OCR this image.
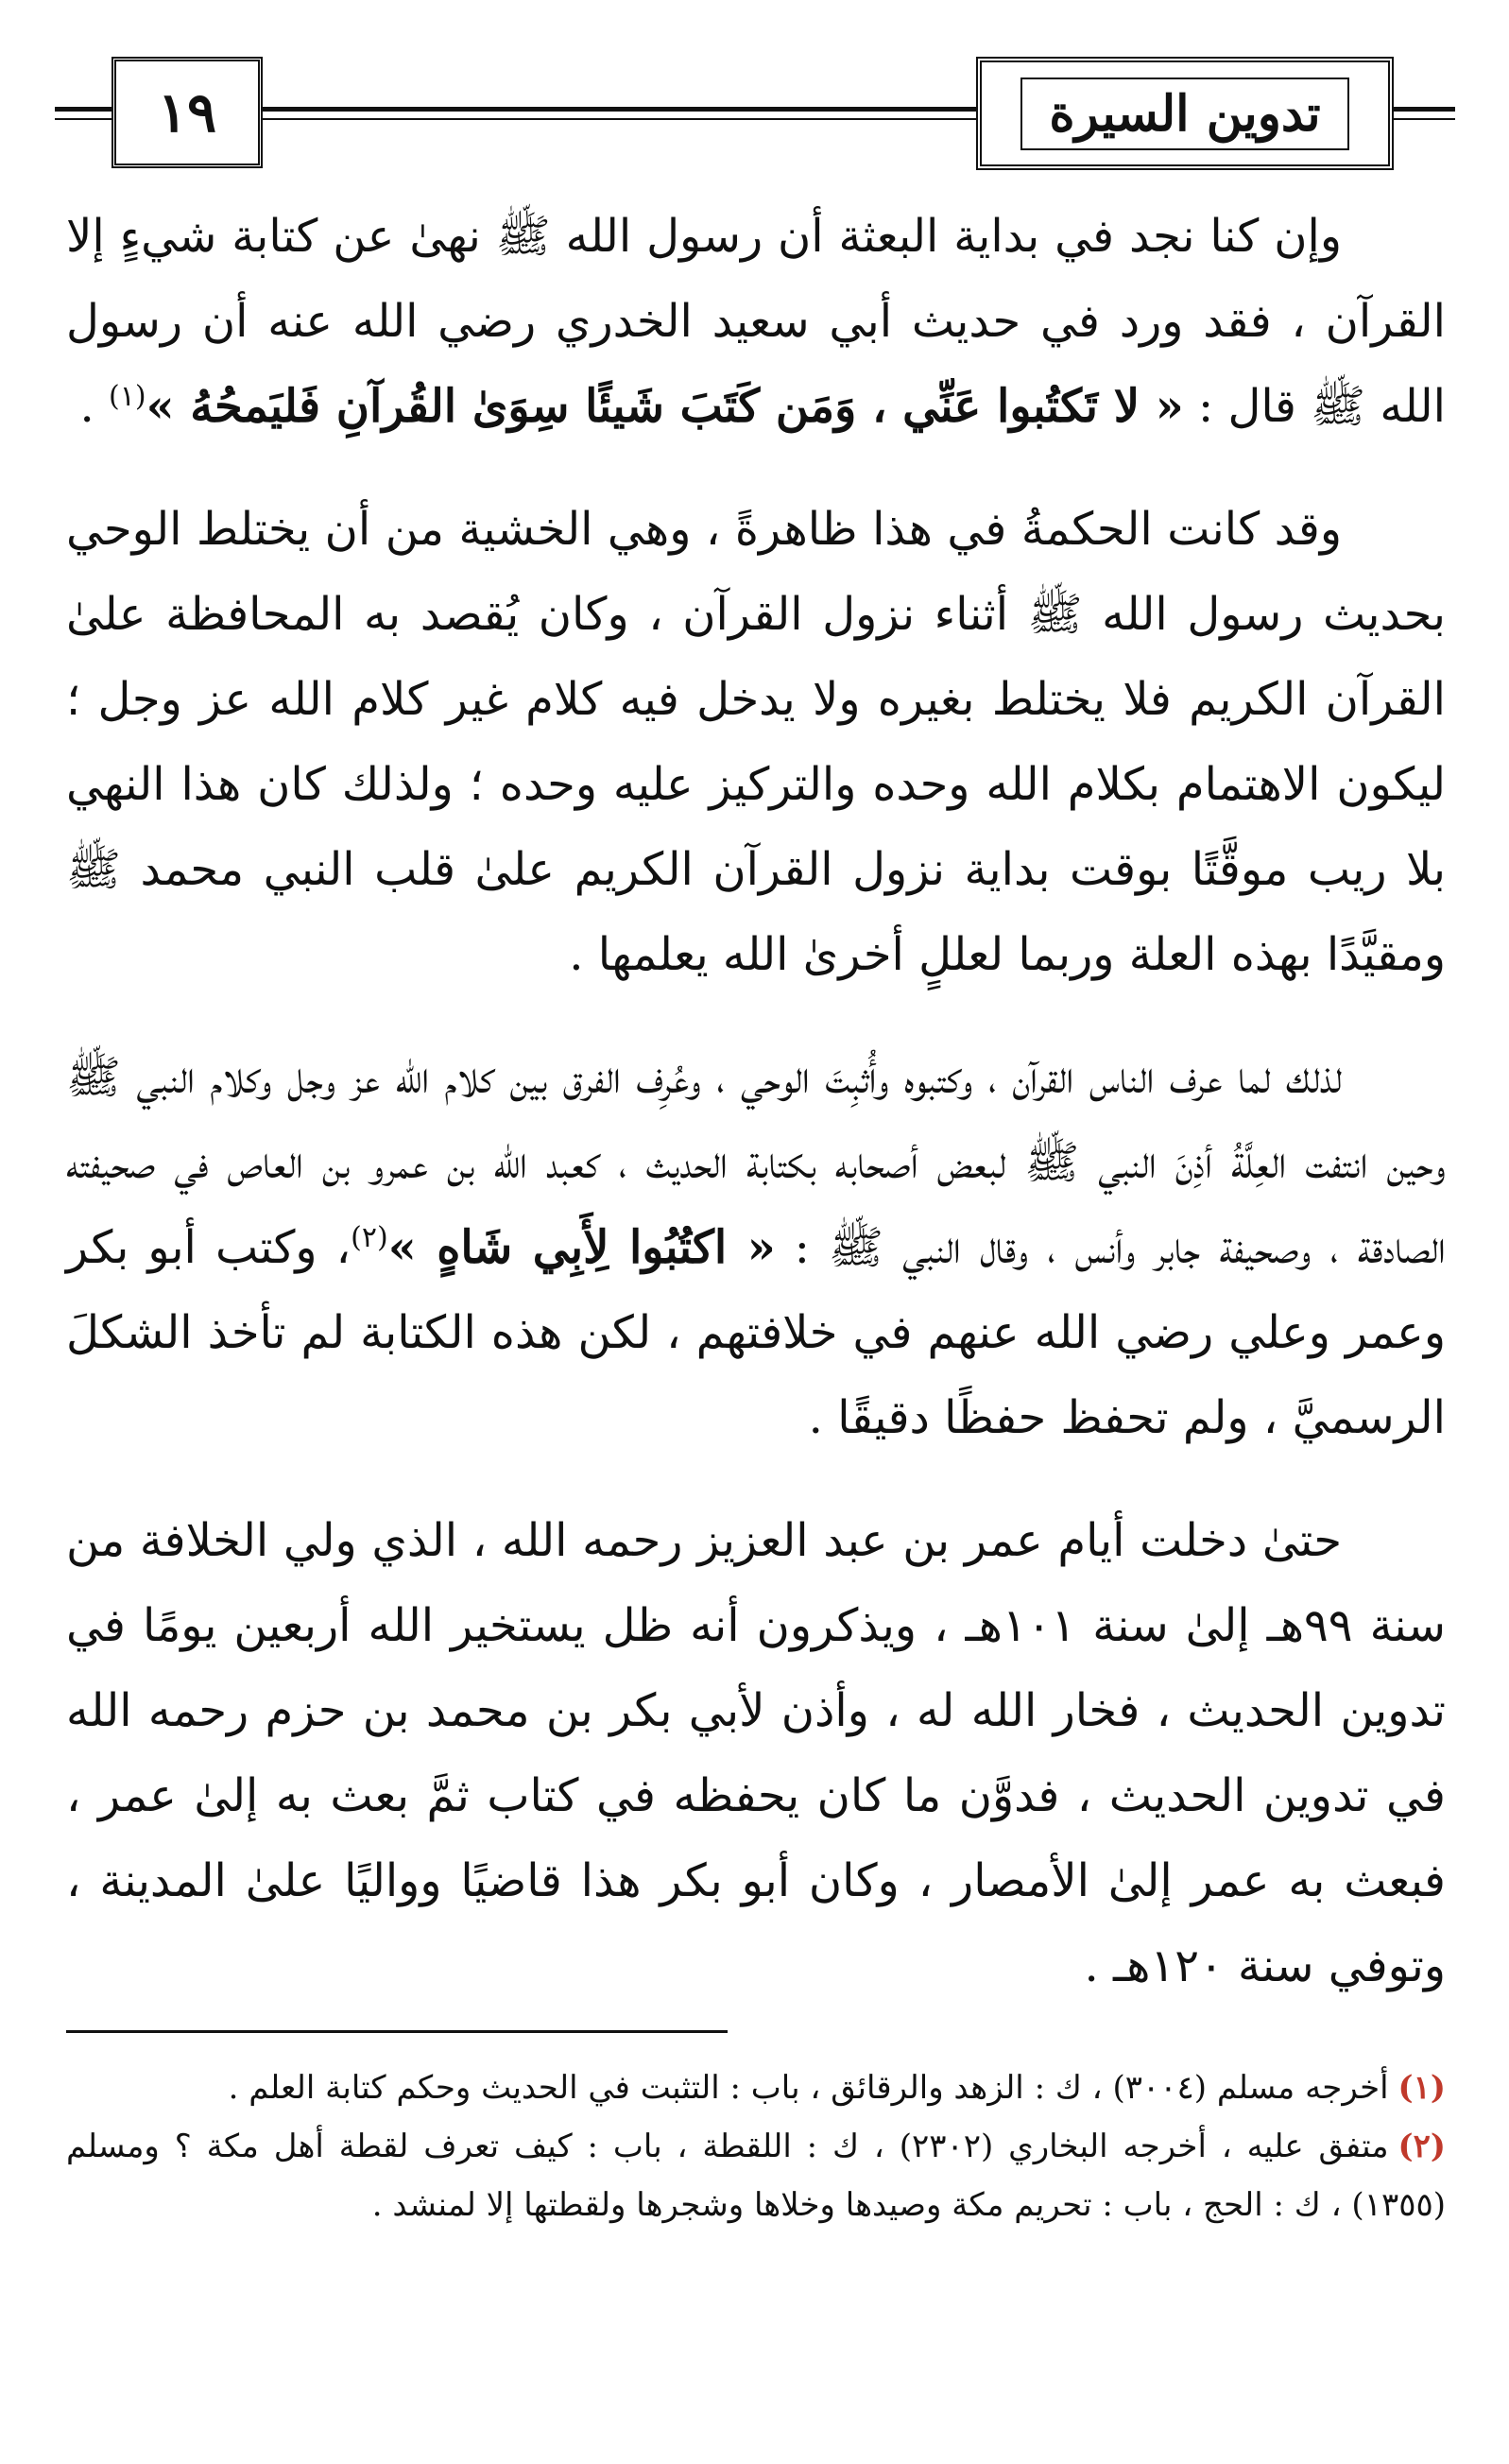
١٩	تدوين السيرة

وإن كنا نجد في بداية البعثة أن رسول الله ﷺ نهىٰ عن كتابة شيءٍ إلا القرآن ، فقد ورد في حديث أبي سعيد الخدري رضي الله عنه أن رسول الله ﷺ قال : « لا تَكتُبوا عَنِّي ، وَمَن كَتَبَ شَيئًا سِوَىٰ القُرآنِ فَليَمحُهُ »$^{(١)}$ .

وقد كانت الحكمةُ في هذا ظاهرةً ، وهي الخشية من أن يختلط الوحي بحديث رسول الله ﷺ أثناء نزول القرآن ، وكان يُقصد به المحافظة علىٰ القرآن الكريم فلا يختلط بغيره ولا يدخل فيه كلام غير كلام الله عز وجل ؛ ليكون الاهتمام بكلام الله وحده والتركيز عليه وحده ؛ ولذلك كان هذا النهي بلا ريب موقَّتًا بوقت بداية نزول القرآن الكريم علىٰ قلب النبي محمد ﷺ ومقيَّدًا بهذه العلة وربما لعللٍ أخرىٰ الله يعلمها .

لذلك لما عرف الناس القرآن ، وكتبوه وأُثبِتَ الوحي ، وعُرِف الفرق بين كلام الله عز وجل وكلام النبي ﷺ وحين انتفت العِلَّةُ أذِنَ النبي ﷺ لبعض أصحابه بكتابة الحديث ، كعبد الله بن عمرو بن العاص في صحيفته الصادقة ، وصحيفة جابر وأنس ، وقال النبي ﷺ : « اكتُبُوا لِأَبِي شَاهٍ »$^{(٢)}$، وكتب أبو بكر وعمر وعلي رضي الله عنهم في خلافتهم ، لكن هذه الكتابة لم تأخذ الشكلَ الرسميَّ ، ولم تحفظ حفظًا دقيقًا .

حتىٰ دخلت أيام عمر بن عبد العزيز رحمه الله ، الذي ولي الخلافة من سنة ٩٩هـ إلىٰ سنة ١٠١هـ ، ويذكرون أنه ظل يستخير الله أربعين يومًا في تدوين الحديث ، فخار الله له ، وأذن لأبي بكر بن محمد بن حزم رحمه الله في تدوين الحديث ، فدوَّن ما كان يحفظه في كتاب ثمَّ بعث به إلىٰ عمر ، فبعث به عمر إلىٰ الأمصار ، وكان أبو بكر هذا قاضيًا وواليًا علىٰ المدينة ، وتوفي سنة ١٢٠هـ .

(١)أخرجه مسلم (٣٠٠٤) ، ك : الزهد والرقائق ، باب : التثبت في الحديث وحكم كتابة العلم .

(٢)متفق عليه ، أخرجه البخاري (٢٣٠٢) ، ك : اللقطة ، باب : كيف تعرف لقطة أهل مكة ؟ ومسلم (١٣٥٥) ، ك : الحج ، باب : تحريم مكة وصيدها وخلاها وشجرها ولقطتها إلا لمنشد .
